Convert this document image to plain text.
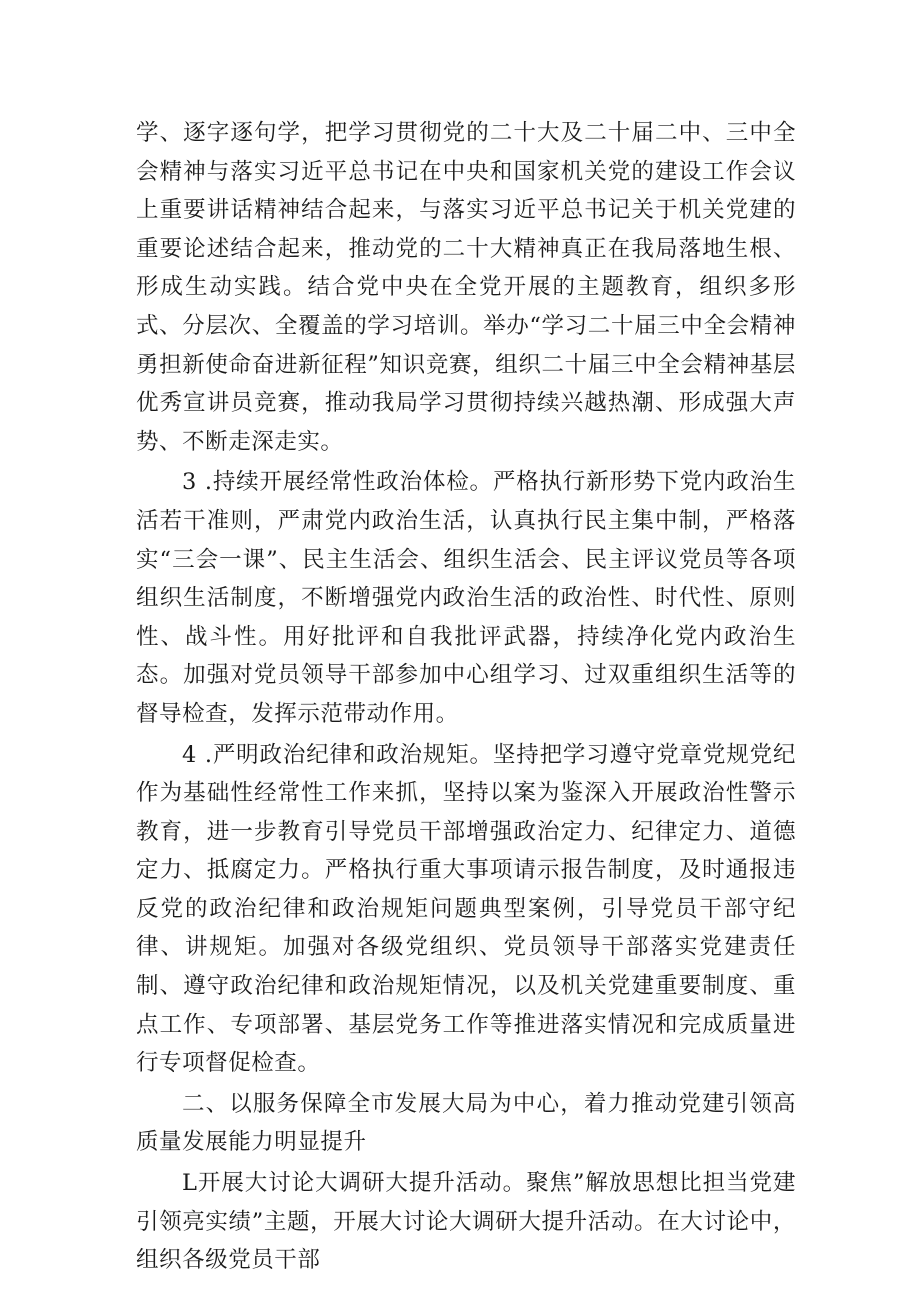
学、逐字逐句学，把学习贯彻党的二十大及二十届二中、三中全会精神与落实习近平总书记在中央和国家机关党的建设工作会议上重要讲话精神结合起来，与落实习近平总书记关于机关党建的重要论述结合起来，推动党的二十大精神真正在我局落地生根、形成生动实践。结合党中央在全党开展的主题教育，组织多形式、分层次、全覆盖的学习培训。举办“学习二十届三中全会精神勇担新使命奋进新征程”知识竞赛，组织二十届三中全会精神基层优秀宣讲员竞赛，推动我局学习贯彻持续兴越热潮、形成强大声势、不断走深走实。

3 .持续开展经常性政治体检。严格执行新形势下党内政治生活若干准则，严肃党内政治生活，认真执行民主集中制，严格落实“三会一课”、民主生活会、组织生活会、民主评议党员等各项组织生活制度，不断增强党内政治生活的政治性、时代性、原则性、战斗性。用好批评和自我批评武器，持续净化党内政治生态。加强对党员领导干部参加中心组学习、过双重组织生活等的督导检查，发挥示范带动作用。

4 .严明政治纪律和政治规矩。坚持把学习遵守党章党规党纪作为基础性经常性工作来抓，坚持以案为鉴深入开展政治性警示教育，进一步教育引导党员干部增强政治定力、纪律定力、道德定力、抵腐定力。严格执行重大事项请示报告制度，及时通报违反党的政治纪律和政治规矩问题典型案例，引导党员干部守纪律、讲规矩。加强对各级党组织、党员领导干部落实党建责任制、遵守政治纪律和政治规矩情况，以及机关党建重要制度、重点工作、专项部署、基层党务工作等推进落实情况和完成质量进行专项督促检查。

二、以服务保障全市发展大局为中心，着力推动党建引领高质量发展能力明显提升

L开展大讨论大调研大提升活动。聚焦”解放思想比担当党建引领亮实绩”主题，开展大讨论大调研大提升活动。在大讨论中，组织各级党员干部
